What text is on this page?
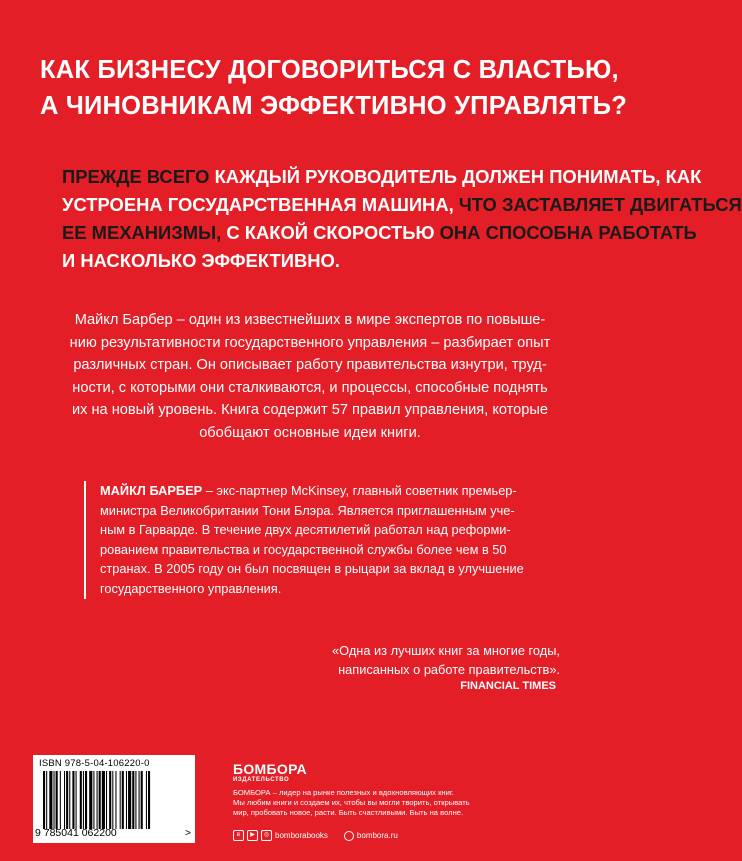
КАК БИЗНЕСУ ДОГОВОРИТЬСЯ С ВЛАСТЬЮ,
А ЧИНОВНИКАМ ЭФФЕКТИВНО УПРАВЛЯТЬ?

ПРЕЖДЕ ВСЕГО КАЖДЫЙ РУКОВОДИТЕЛЬ ДОЛЖЕН ПОНИМАТЬ, КАК
УСТРОЕНА ГОСУДАРСТВЕННАЯ МАШИНА, ЧТО ЗАСТАВЛЯЕТ ДВИГАТЬСЯ
ЕЕ МЕХАНИЗМЫ, С КАКОЙ СКОРОСТЬЮ ОНА СПОСОБНА РАБОТАТЬ
И НАСКОЛЬКО ЭФФЕКТИВНО.

Майкл Барбер – один из известнейших в мире экспертов по повыше-
нию результативности государственного управления – разбирает опыт
различных стран. Он описывает работу правительства изнутри, труд-
ности, с которыми они сталкиваются, и процессы, способные поднять
их на новый уровень. Книга содержит 57 правил управления, которые
обобщают основные идеи книги.

МАЙКЛ БАРБЕР – экс-партнер McKinsey, главный советник премьер-
министра Великобритании Тони Блэра. Является приглашенным уче-
ным в Гарварде. В течение двух десятилетий работал над реформи-
рованием правительства и государственной службы более чем в 50
странах. В 2005 году он был посвящен в рыцари за вклад в улучшение
государственного управления.

«Одна из лучших книг за многие годы,
написанных о работе правительств».

FINANCIAL TIMES
ISBN 978-5-04-106220-0
9 785041 062200	>
БОМБОРА
ИЗДАТЕЛЬСТВО

БОМБОРА – лидер на рынке полезных и вдохновляющих книг.
Мы любим книги и создаем их, чтобы вы могли творить, открывать
мир, пробовать новое, расти. Быть счастливыми. Быть на волне.

в	▶	◎ bomborabooks	bombora.ru
